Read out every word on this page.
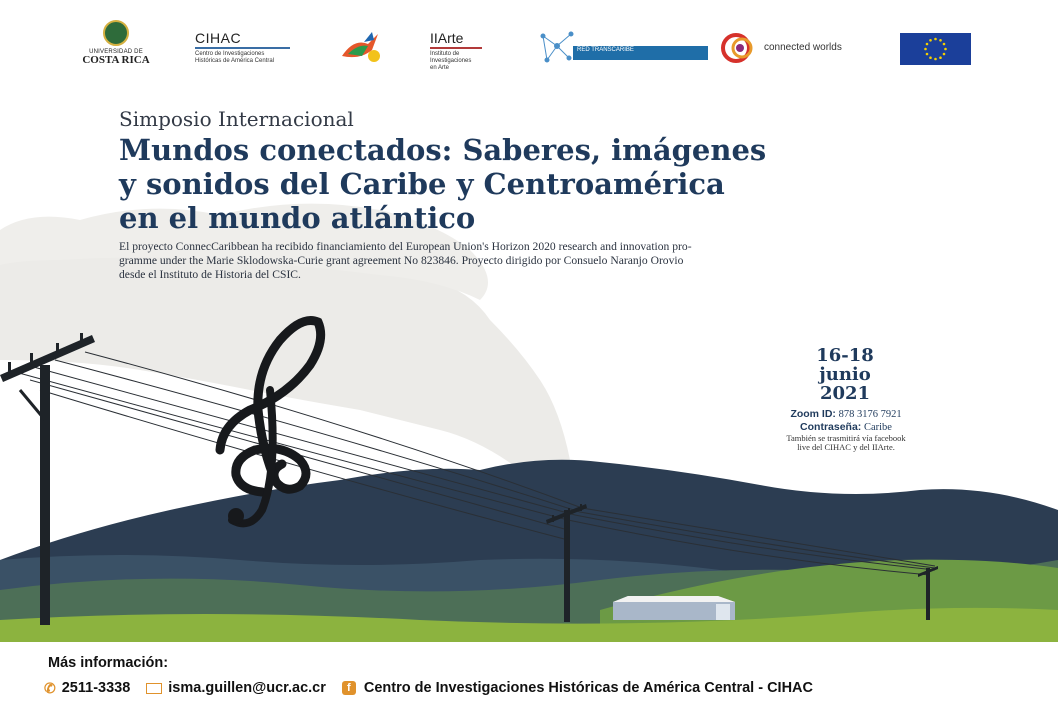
UNIVERSIDAD DE
COSTA RICA
CIHAC
Centro de Investigaciones
Históricas de América Central
IIArte
Instituto de
Investigaciones
en Arte
RED TRANSCARIBE	connected worlds
Simposio Internacional
Mundos conectados: Saberes, imágenes
y sonidos del Caribe y Centroamérica
en el mundo atlántico
El proyecto ConnecCaribbean ha recibido financiamiento del European Union's Horizon 2020 research and innovation pro-
gramme under the Marie Sklodowska-Curie grant agreement No 823846. Proyecto dirigido por Consuelo Naranjo Orovio
desde el Instituto de Historia del CSIC.
16-18
junio
2021
Zoom ID: 878 3176 7921
Contraseña: Caribe
También se trasmitirá vía facebook
live del CIHAC y del IIArte.
Más información:
✆ 2511-3338	isma.guillen@ucr.ac.cr	f Centro de Investigaciones Históricas de América Central - CIHAC
